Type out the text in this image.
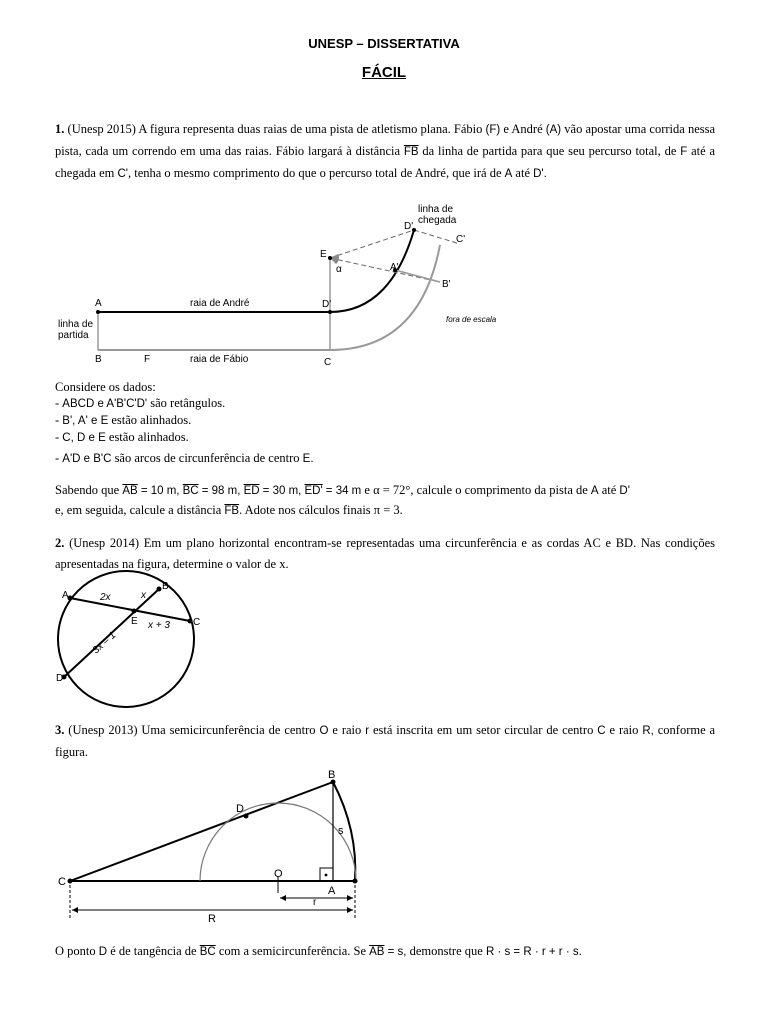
UNESP – DISSERTATIVA
FÁCIL
1. (Unesp 2015) A figura representa duas raias de uma pista de atletismo plana. Fábio (F) e André (A) vão apostar uma corrida nessa pista, cada um correndo em uma das raias. Fábio largará à distância $\overline{FB}$ da linha de partida para que seu percurso total, de F até a chegada em C', tenha o mesmo comprimento do que o percurso total de André, que irá de A até D'.
A
B	F	C
D'
E
α	A'
B'
C'
D'
linha de
chegada
linha de
partida
raia de André
raia de Fábio
fora de escala
Considere os dados:
- ABCD e A'B'C'D' são retângulos.
- B', A' e E estão alinhados.
- C, D e E estão alinhados.
- A'D e B'C são arcos de circunferência de centro E.
Sabendo que $\overline{AB} = 10$ m, $\overline{BC} = 98$ m, $\overline{ED} = 30$ m, ED' = 34 m e α = 72°, calcule o comprimento da pista de A até D'
e, em seguida, calcule a distância $\overline{FB}$. Adote nos cálculos finais π = 3.
2. (Unesp 2014) Em um plano horizontal encontram-se representadas uma circunferência e as cordas AC e BD. Nas condições apresentadas na figura, determine o valor de x.
A
B
C
D
E
2x	x
x + 3
3x – 1
3. (Unesp 2013) Uma semicircunferência de centro O e raio r está inscrita em um setor circular de centro C e raio R, conforme a figura.
B
D
C
O
A
s
r
R
O ponto D é de tangência de $\overline{BC}$ com a semicircunferência. Se $\overline{AB} = s$, demonstre que R · s = R · r + r · s.
